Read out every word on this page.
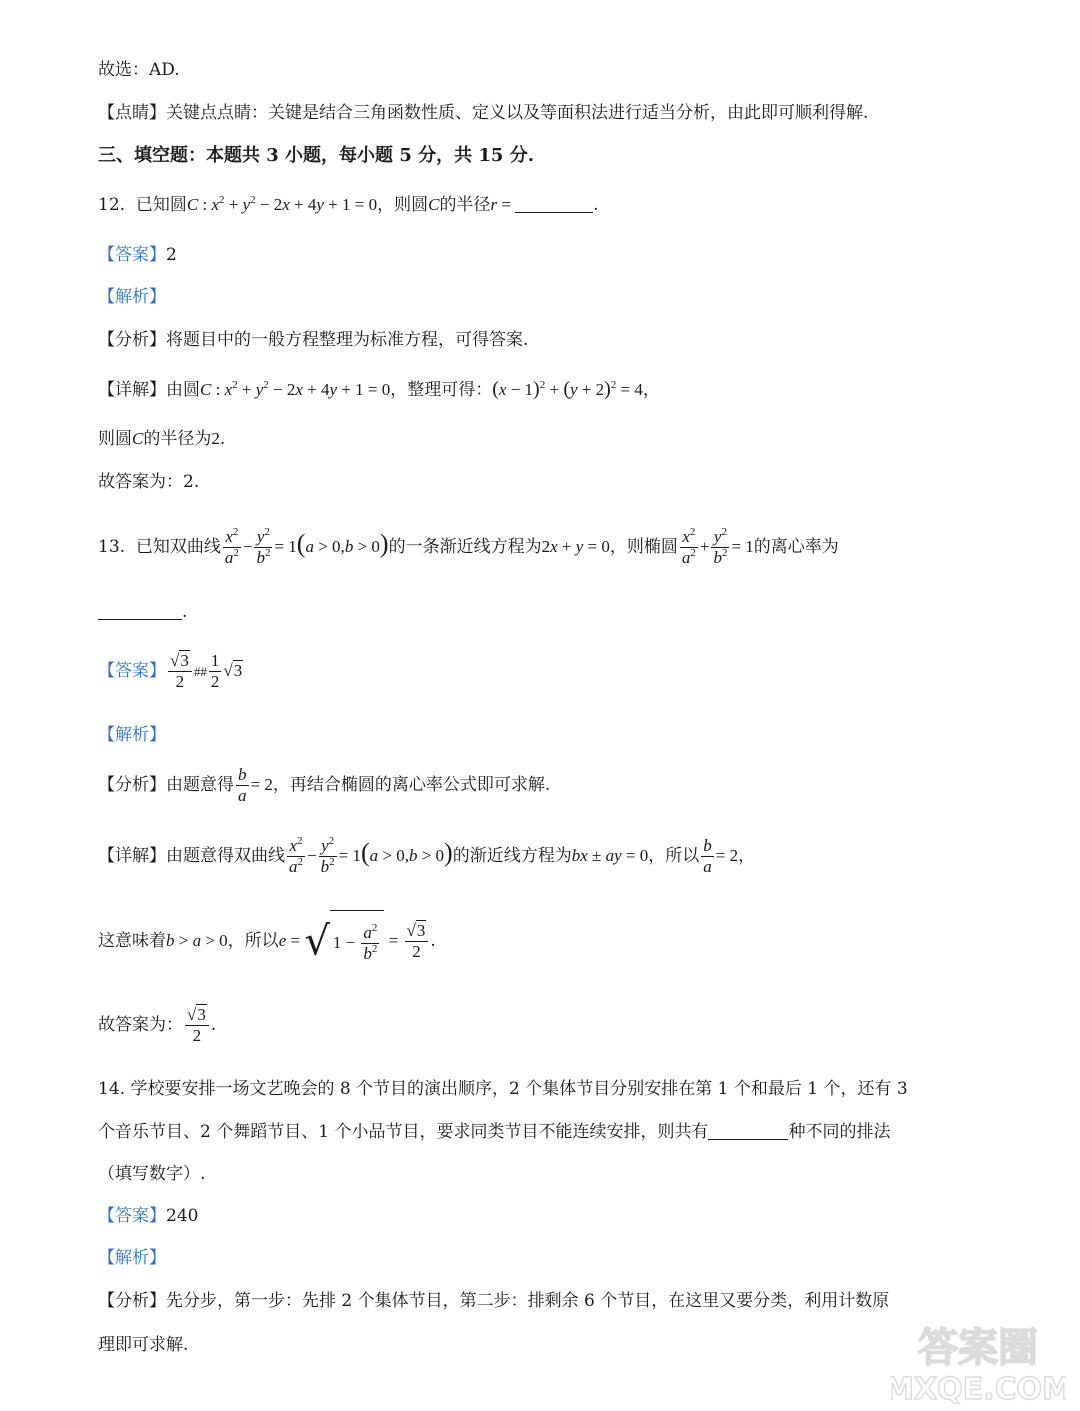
故选：AD.
【点睛】关键点点睛：关键是结合三角函数性质、定义以及等面积法进行适当分析，由此即可顺利得解.
三、填空题：本题共 3 小题，每小题 5 分，共 15 分.
12. 已知圆C : $x^2 + y^2 - 2x + 4y + 1 = 0$，则圆C的半径r =	.
【答案】2
【解析】
【分析】将题目中的一般方程整理为标准方程，可得答案.
【详解】由圆C : $x^2 + y^2 - 2x + 4y + 1 = 0$，整理可得：$(x - 1)^2 + (y + 2)^2 = 4$，
则圆C的半径为2.
故答案为：2.
13. 已知双曲线 $\frac{x^2}{a^2} - \frac{y^2}{b^2} = 1(a > 0,b > 0)$的一条渐近线方程为2x + y = 0，则椭圆 $\frac{x^2}{a^2} + \frac{y^2}{b^2} = 1$的离心率为
.
【答案】 $\frac{√3}{2}$ ## $\frac{1}{2} √3$
【解析】
【分析】由题意得 $\frac{b}{a} = 2$，再结合椭圆的离心率公式即可求解.
【详解】由题意得双曲线 $\frac{x^2}{a^2} - \frac{y^2}{b^2} = 1(a > 0,b > 0)$的渐近线方程为bx ± ay = 0，所以 $\frac{b}{a} = 2$，
这意味着b > a > 0，所以e = √ $1 - \frac{a^2}{b^2} = \frac{√3}{2}$ .
故答案为： $\frac{√3}{2}$ .
14. 学校要安排一场文艺晚会的 8 个节目的演出顺序，2 个集体节目分别安排在第 1 个和最后 1 个，还有 3
个音乐节目、2 个舞蹈节目、1 个小品节目，要求同类节目不能连续安排，则共有	种不同的排法
（填写数字）.
【答案】240
【解析】
【分析】先分步，第一步：先排 2 个集体节目，第二步：排剩余 6 个节目，在这里又要分类，利用计数原
理即可求解.	答案圈
MXQE.COM
